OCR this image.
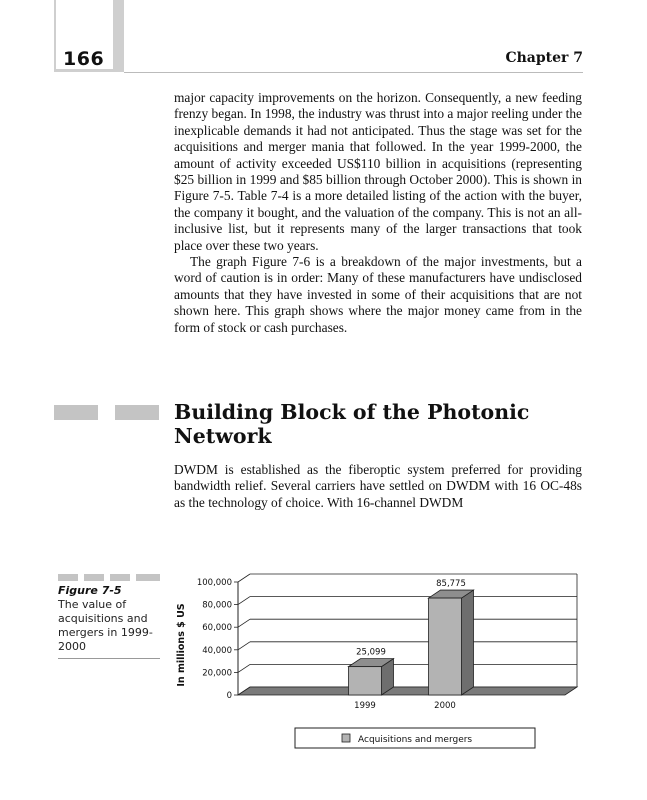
166	Chapter 7

major capacity improvements on the horizon. Consequently, a new feeding frenzy began. In 1998, the industry was thrust into a major reeling under the inexplicable demands it had not anticipated. Thus the stage was set for the acquisitions and merger mania that followed. In the year 1999-2000, the amount of activity exceeded US$110 billion in acquisitions (representing $25 billion in 1999 and $85 billion through October 2000). This is shown in Figure 7-5. Table 7-4 is a more detailed listing of the action with the buyer, the company it bought, and the valuation of the company. This is not an all-inclusive list, but it represents many of the larger transactions that took place over these two years.

The graph Figure 7-6 is a breakdown of the major investments, but a word of caution is in order: Many of these manufacturers have undisclosed amounts that they have invested in some of their acquisitions that are not shown here. This graph shows where the major money came from in the form of stock or cash purchases.

Building Block of the Photonic Network

DWDM is established as the fiberoptic system preferred for providing bandwidth relief. Several carriers have settled on DWDM with 16 OC-48s as the technology of choice. With 16-channel DWDM

Figure 7-5
The value of acquisitions and mergers in 1999-2000
0
20,000
40,000
60,000
80,000
100,000
25,099
1999
85,775
2000
In millions $ US
Acquisitions and mergers
